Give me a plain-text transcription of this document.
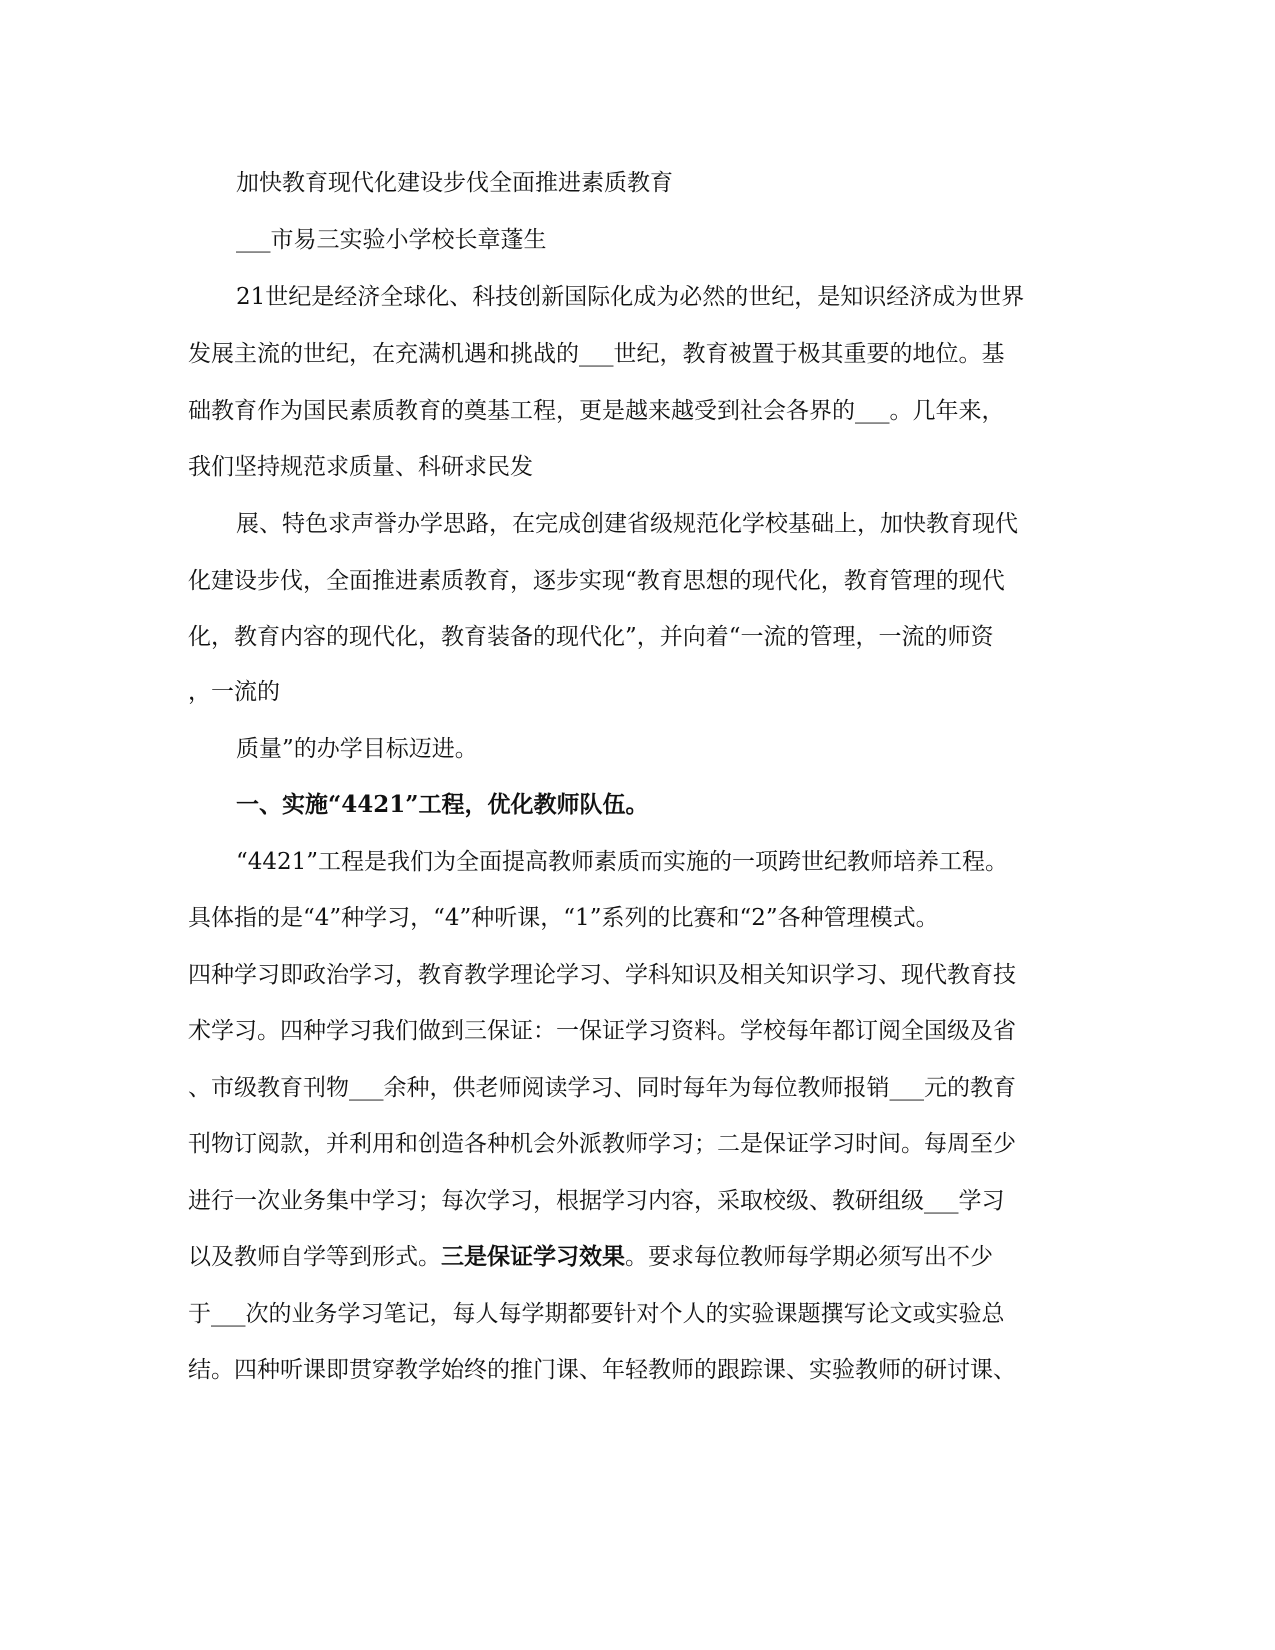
加快教育现代化建设步伐全面推进素质教育
___市易三实验小学校长章蓬生
21世纪是经济全球化、科技创新国际化成为必然的世纪，是知识经济成为世界
发展主流的世纪，在充满机遇和挑战的___世纪，教育被置于极其重要的地位。基
础教育作为国民素质教育的奠基工程，更是越来越受到社会各界的___。几年来，
我们坚持规范求质量、科研求民发
展、特色求声誉办学思路，在完成创建省级规范化学校基础上，加快教育现代
化建设步伐，全面推进素质教育，逐步实现“教育思想的现代化，教育管理的现代
化，教育内容的现代化，教育装备的现代化”，并向着“一流的管理，一流的师资
，一流的
质量”的办学目标迈进。
一、实施“4421”工程，优化教师队伍。
“4421”工程是我们为全面提高教师素质而实施的一项跨世纪教师培养工程。
具体指的是“4”种学习，“4”种听课，“1”系列的比赛和“2”各种管理模式。
四种学习即政治学习，教育教学理论学习、学科知识及相关知识学习、现代教育技
术学习。四种学习我们做到三保证：一保证学习资料。学校每年都订阅全国级及省
、市级教育刊物___余种，供老师阅读学习、同时每年为每位教师报销___元的教育
刊物订阅款，并利用和创造各种机会外派教师学习；二是保证学习时间。每周至少
进行一次业务集中学习；每次学习，根据学习内容，采取校级、教研组级___学习
以及教师自学等到形式。三是保证学习效果。要求每位教师每学期必须写出不少
于___次的业务学习笔记，每人每学期都要针对个人的实验课题撰写论文或实验总
结。四种听课即贯穿教学始终的推门课、年轻教师的跟踪课、实验教师的研讨课、
